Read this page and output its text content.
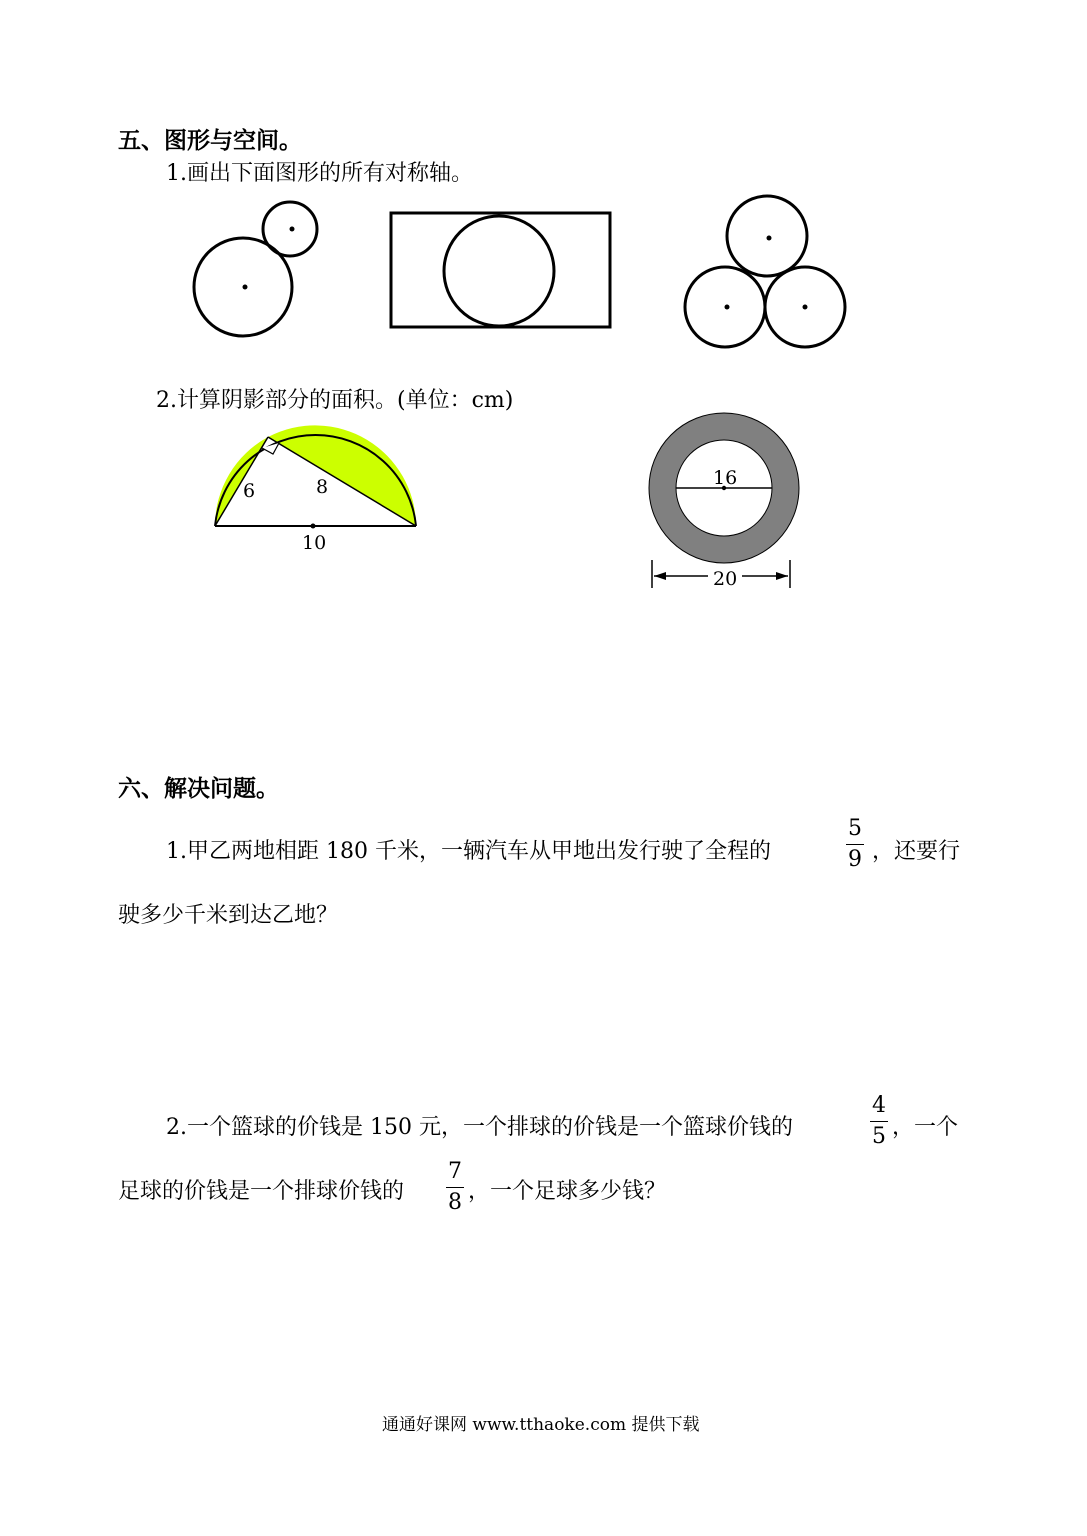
五、图形与空间。
1.画出下面图形的所有对称轴。
2.计算阴影部分的面积。(单位：cm)
6	8
10
16
20
六、解决问题。
1.甲乙两地相距 180 千米，一辆汽车从甲地出发行驶了全程的
5
9 ，还要行
驶多少千米到达乙地？
2.一个篮球的价钱是 150 元，一个排球的价钱是一个篮球价钱的
4
5 ，一个
足球的价钱是一个排球价钱的
7
8 ，一个足球多少钱？
通通好课网 www.tthaoke.com 提供下载
